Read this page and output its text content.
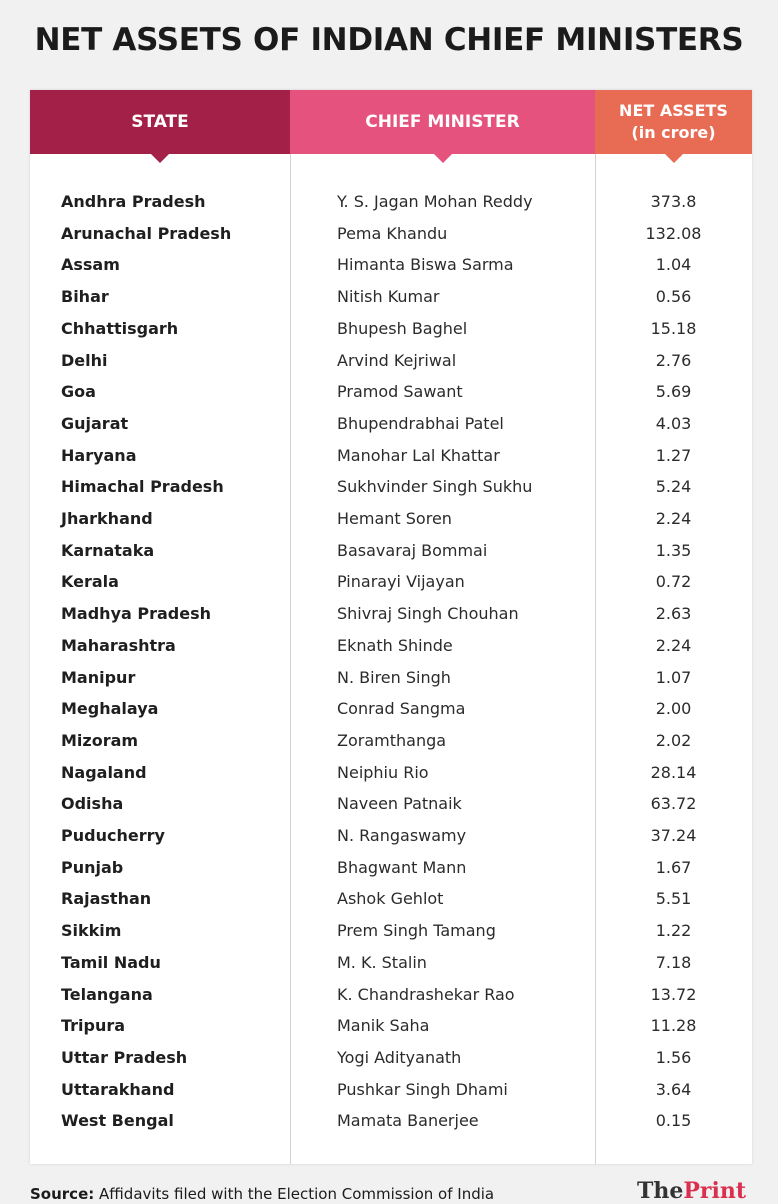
NET ASSETS OF INDIAN CHIEF MINISTERS
STATE	CHIEF MINISTER
NET ASSETS
(in crore)
Andhra Pradesh	Y. S. Jagan Mohan Reddy	373.8
Arunachal Pradesh	Pema Khandu	132.08
Assam	Himanta Biswa Sarma	1.04
Bihar	Nitish Kumar	0.56
Chhattisgarh	Bhupesh Baghel	15.18
Delhi	Arvind Kejriwal	2.76
Goa	Pramod Sawant	5.69
Gujarat	Bhupendrabhai Patel	4.03
Haryana	Manohar Lal Khattar	1.27
Himachal Pradesh	Sukhvinder Singh Sukhu	5.24
Jharkhand	Hemant Soren	2.24
Karnataka	Basavaraj Bommai	1.35
Kerala	Pinarayi Vijayan	0.72
Madhya Pradesh	Shivraj Singh Chouhan	2.63
Maharashtra	Eknath Shinde	2.24
Manipur	N. Biren Singh	1.07
Meghalaya	Conrad Sangma	2.00
Mizoram	Zoramthanga	2.02
Nagaland	Neiphiu Rio	28.14
Odisha	Naveen Patnaik	63.72
Puducherry	N. Rangaswamy	37.24
Punjab	Bhagwant Mann	1.67
Rajasthan	Ashok Gehlot	5.51
Sikkim	Prem Singh Tamang	1.22
Tamil Nadu	M. K. Stalin	7.18
Telangana	K. Chandrashekar Rao	13.72
Tripura	Manik Saha	11.28
Uttar Pradesh	Yogi Adityanath	1.56
Uttarakhand	Pushkar Singh Dhami	3.64
West Bengal	Mamata Banerjee	0.15
Source: Affidavits filed with the Election Commission of India	ThePrint
